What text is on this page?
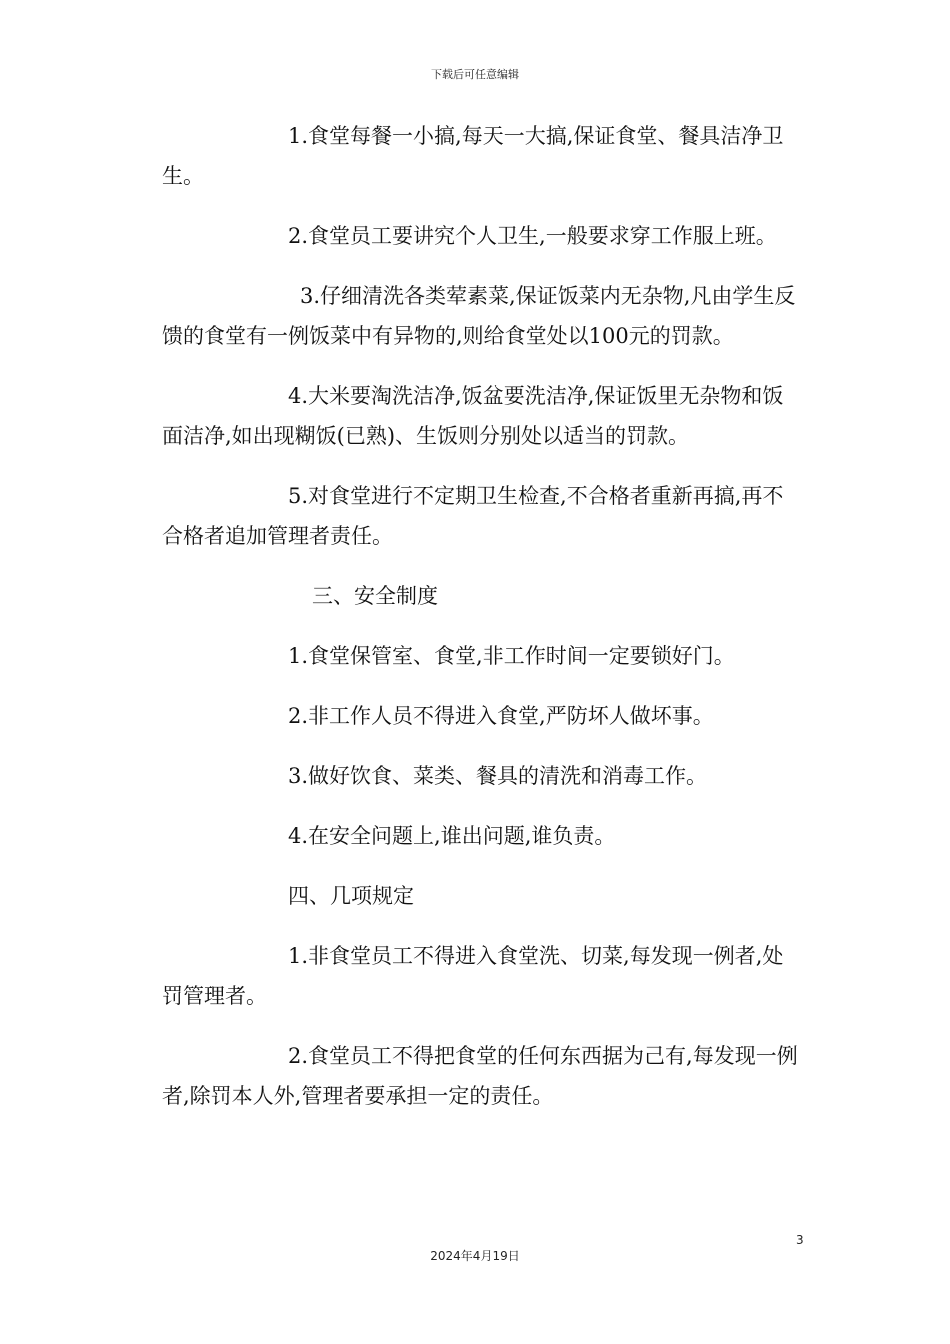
下载后可任意编辑

1.食堂每餐一小搞,每天一大搞,保证食堂、餐具洁净卫生。

2.食堂员工要讲究个人卫生,一般要求穿工作服上班。

3.仔细清洗各类荤素菜,保证饭菜内无杂物,凡由学生反馈的食堂有一例饭菜中有异物的,则给食堂处以100元的罚款。

4.大米要淘洗洁净,饭盆要洗洁净,保证饭里无杂物和饭面洁净,如出现糊饭(已熟)、生饭则分别处以适当的罚款。

5.对食堂进行不定期卫生检查,不合格者重新再搞,再不合格者追加管理者责任。

三、安全制度

1.食堂保管室、食堂,非工作时间一定要锁好门。

2.非工作人员不得进入食堂,严防坏人做坏事。

3.做好饮食、菜类、餐具的清洗和消毒工作。

4.在安全问题上,谁出问题,谁负责。

四、几项规定

1.非食堂员工不得进入食堂洗、切菜,每发现一例者,处罚管理者。

2.食堂员工不得把食堂的任何东西据为己有,每发现一例者,除罚本人外,管理者要承担一定的责任。

3
2024年4月19日
